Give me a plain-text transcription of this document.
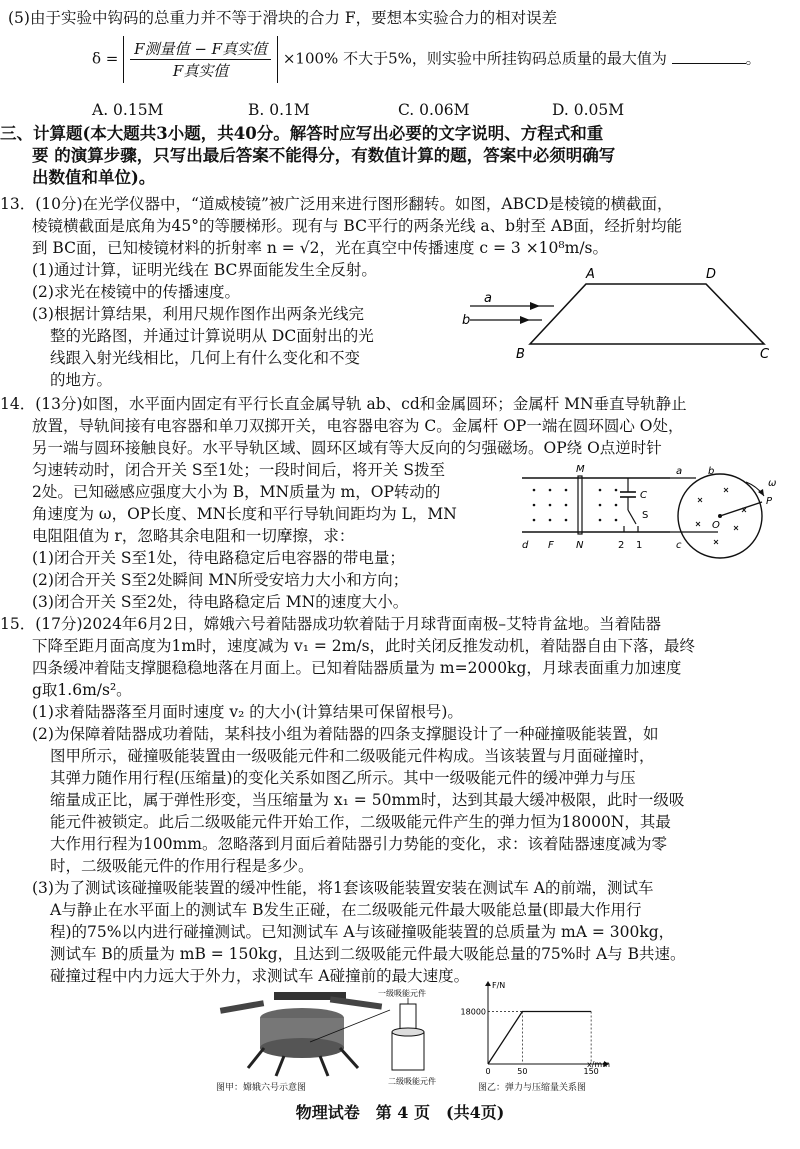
(5)由于实验中钩码的总重力并不等于滑块的合力 F，要想本实验合力的相对误差
$\delta = \frac{\text{F测量值 − F真实值}}{\text{F真实值}} \times 100\%$ 不大于5%，则实验中所挂钩码总质量的最大值为	。
A. 0.15M	B. 0.1M	C. 0.06M	D. 0.05M
三、计算题(本大题共3小题，共40分。解答时应写出必要的文字说明、方程式和重
要 的演算步骤，只写出最后答案不能得分，有数值计算的题，答案中必须明确写
出数值和单位)。
13．(10分)在光学仪器中，“道威棱镜”被广泛用来进行图形翻转。如图，ABCD是棱镜的横截面，
棱镜横截面是底角为45°的等腰梯形。现有与 BC平行的两条光线 a、b射至 AB面，经折射均能
到 BC面，已知棱镜材料的折射率 n = √2，光在真空中传播速度 c = 3 ×10⁸m/s。
(1)通过计算，证明光线在 BC界面能发生全反射。
(2)求光在棱镜中的传播速度。
(3)根据计算结果，利用尺规作图作出两条光线完
整的光路图，并通过计算说明从 DC面射出的光
线跟入射光线相比，几何上有什么变化和不变
的地方。
A	D
B	C
a
b
14．(13分)如图，水平面内固定有平行长直金属导轨 ab、cd和金属圆环；金属杆 MN垂直导轨静止
放置，导轨间接有电容器和单刀双掷开关，电容器电容为 C。金属杆 OP一端在圆环圆心 O处，
另一端与圆环接触良好。水平导轨区域、圆环区域有等大反向的匀强磁场。OP绕 O点逆时针
匀速转动时，闭合开关 S至1处；一段时间后，将开关 S拨至
2处。已知磁感应强度大小为 B，MN质量为 m，OP转动的
角速度为 ω，OP长度、MN长度和平行导轨间距均为 L，MN
电阻阻值为 r，忽略其余电阻和一切摩擦，求：
(1)闭合开关 S至1处，待电路稳定后电容器的带电量；
(2)闭合开关 S至2处瞬间 MN所受安培力大小和方向；
(3)闭合开关 S至2处，待电路稳定后 MN的速度大小。
M
N
d F
C
S
2 1
a	b
c
P
O
ω
15．(17分)2024年6月2日，嫦娥六号着陆器成功软着陆于月球背面南极–艾特肯盆地。当着陆器
下降至距月面高度为1m时，速度减为 v₁ = 2m/s，此时关闭反推发动机，着陆器自由下落，最终
四条缓冲着陆支撑腿稳稳地落在月面上。已知着陆器质量为 m=2000kg，月球表面重力加速度
g取1.6m/s²。
(1)求着陆器落至月面时速度 v₂ 的大小(计算结果可保留根号)。
(2)为保障着陆器成功着陆，某科技小组为着陆器的四条支撑腿设计了一种碰撞吸能装置，如
图甲所示，碰撞吸能装置由一级吸能元件和二级吸能元件构成。当该装置与月面碰撞时，
其弹力随作用行程(压缩量)的变化关系如图乙所示。其中一级吸能元件的缓冲弹力与压
缩量成正比，属于弹性形变，当压缩量为 x₁ = 50mm时，达到其最大缓冲极限，此时一级吸
能元件被锁定。此后二级吸能元件开始工作，二级吸能元件产生的弹力恒为18000N，其最
大作用行程为100mm。忽略落到月面后着陆器引力势能的变化，求：该着陆器速度减为零
时，二级吸能元件的作用行程是多少。
(3)为了测试该碰撞吸能装置的缓冲性能，将1套该吸能装置安装在测试车 A的前端，测试车
A与静止在水平面上的测试车 B发生正碰，在二级吸能元件最大吸能总量(即最大作用行
程)的75%以内进行碰撞测试。已知测试车 A与该碰撞吸能装置的总质量为 mA = 300kg，
测试车 B的质量为 mB = 150kg，且达到二级吸能元件最大吸能总量的75%时 A与 B共速。
碰撞过程中内力远大于外力，求测试车 A碰撞前的最大速度。
一级吸能元件
二级吸能元件
图甲：嫦娥六号示意图
F/N
x/mm
18000
0	50	150
图乙：弹力与压缩量关系图
物理试卷　第 4 页　(共4页)
